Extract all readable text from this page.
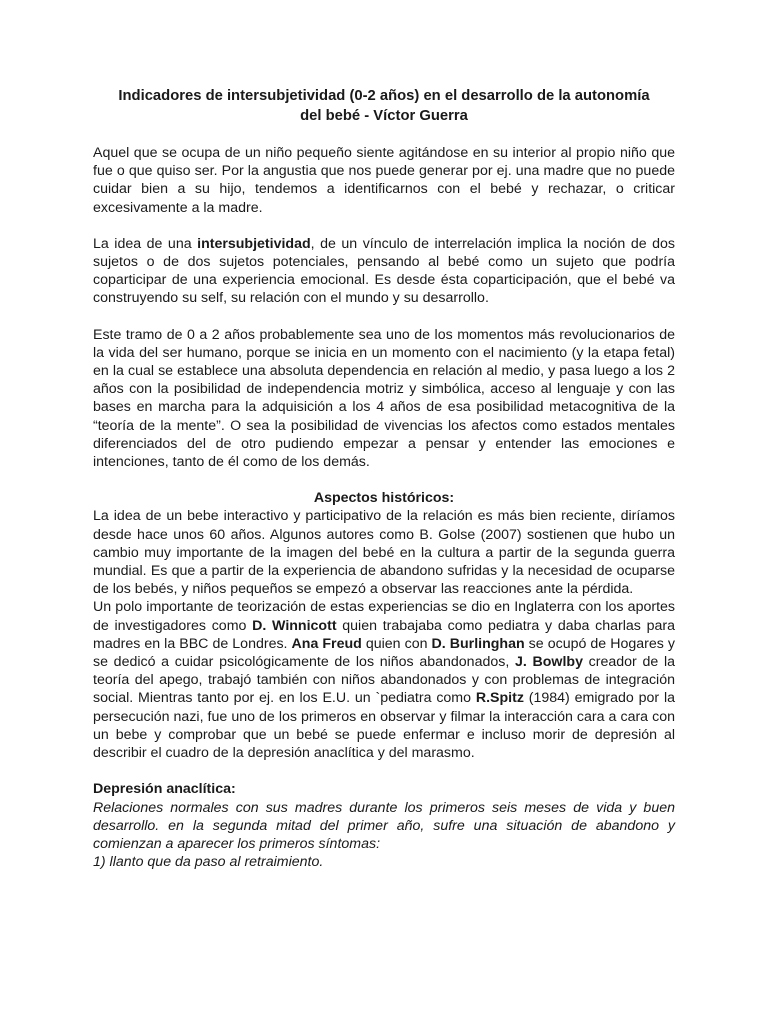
Indicadores de intersubjetividad (0-2 años) en el desarrollo de la autonomía
del bebé - Víctor Guerra

Aquel que se ocupa de un niño pequeño siente agitándose en su interior al propio niño que fue o que quiso ser. Por la angustia que nos puede generar por ej. una madre que no puede cuidar bien a su hijo, tendemos a identificarnos con el bebé y rechazar, o criticar excesivamente a la madre.

La idea de una intersubjetividad, de un vínculo de interrelación implica la noción de dos sujetos o de dos sujetos potenciales, pensando al bebé como un sujeto que podría coparticipar de una experiencia emocional. Es desde ésta coparticipación, que el bebé va construyendo su self, su relación con el mundo y su desarrollo.

Este tramo de 0 a 2 años probablemente sea uno de los momentos más revolucionarios de la vida del ser humano, porque se inicia en un momento con el nacimiento (y la etapa fetal) en la cual se establece una absoluta dependencia en relación al medio, y pasa luego a los 2 años con la posibilidad de independencia motriz y simbólica, acceso al lenguaje y con las bases en marcha para la adquisición a los 4 años de esa posibilidad metacognitiva de la “teoría de la mente”. O sea la posibilidad de vivencias los afectos como estados mentales diferenciados del de otro pudiendo empezar a pensar y entender las emociones e intenciones, tanto de él como de los demás.

Aspectos históricos:

La idea de un bebe interactivo y participativo de la relación es más bien reciente, diríamos desde hace unos 60 años. Algunos autores como B. Golse (2007) sostienen que hubo un cambio muy importante de la imagen del bebé en la cultura a partir de la segunda guerra mundial. Es que a partir de la experiencia de abandono sufridas y la necesidad de ocuparse de los bebés, y niños pequeños se empezó a observar las reacciones ante la pérdida.

Un polo importante de teorización de estas experiencias se dio en Inglaterra con los aportes de investigadores como D. Winnicott quien trabajaba como pediatra y daba charlas para madres en la BBC de Londres. Ana Freud quien con D. Burlinghan se ocupó de Hogares y se dedicó a cuidar psicológicamente de los niños abandonados, J. Bowlby creador de la teoría del apego, trabajó también con niños abandonados y con problemas de integración social. Mientras tanto por ej. en los E.U. un `pediatra como R.Spitz (1984) emigrado por la persecución nazi, fue uno de los primeros en observar y filmar la interacción cara a cara con un bebe y comprobar que un bebé se puede enfermar e incluso morir de depresión al describir el cuadro de la depresión anaclítica y del marasmo.

Depresión anaclítica:

Relaciones normales con sus madres durante los primeros seis meses de vida y buen desarrollo. en la segunda mitad del primer año, sufre una situación de abandono y comienzan a aparecer los primeros síntomas:

1) llanto que da paso al retraimiento.
